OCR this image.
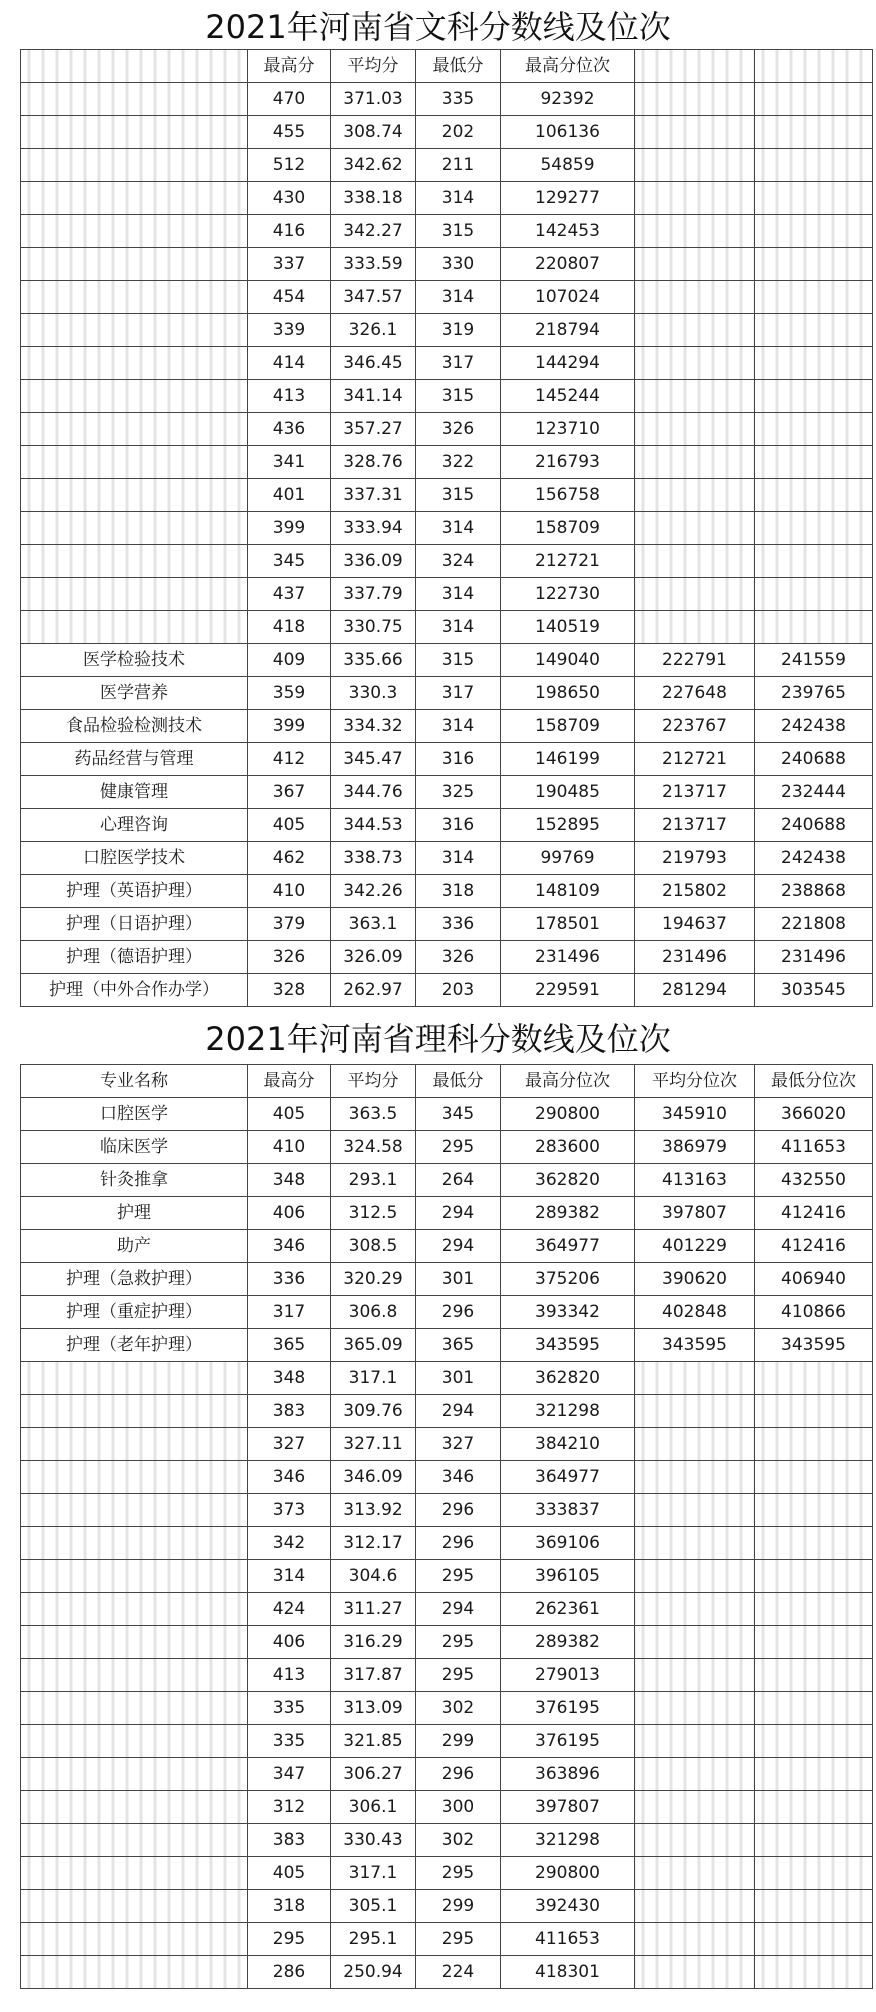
2021年河南省文科分数线及位次
	最高分	平均分	最低分	最高分位次		
	470	371.03	335	92392		
	455	308.74	202	106136		
	512	342.62	211	54859		
	430	338.18	314	129277		
	416	342.27	315	142453		
	337	333.59	330	220807		
	454	347.57	314	107024		
	339	326.1	319	218794		
	414	346.45	317	144294		
	413	341.14	315	145244		
	436	357.27	326	123710		
	341	328.76	322	216793		
	401	337.31	315	156758		
	399	333.94	314	158709		
	345	336.09	324	212721		
	437	337.79	314	122730		
	418	330.75	314	140519		
医学检验技术	409	335.66	315	149040	222791	241559
医学营养	359	330.3	317	198650	227648	239765
食品检验检测技术	399	334.32	314	158709	223767	242438
药品经营与管理	412	345.47	316	146199	212721	240688
健康管理	367	344.76	325	190485	213717	232444
心理咨询	405	344.53	316	152895	213717	240688
口腔医学技术	462	338.73	314	99769	219793	242438
护理（英语护理）	410	342.26	318	148109	215802	238868
护理（日语护理）	379	363.1	336	178501	194637	221808
护理（德语护理）	326	326.09	326	231496	231496	231496
护理（中外合作办学）	328	262.97	203	229591	281294	303545
2021年河南省理科分数线及位次
专业名称	最高分	平均分	最低分	最高分位次	平均分位次	最低分位次
口腔医学	405	363.5	345	290800	345910	366020
临床医学	410	324.58	295	283600	386979	411653
针灸推拿	348	293.1	264	362820	413163	432550
护理	406	312.5	294	289382	397807	412416
助产	346	308.5	294	364977	401229	412416
护理（急救护理）	336	320.29	301	375206	390620	406940
护理（重症护理）	317	306.8	296	393342	402848	410866
护理（老年护理）	365	365.09	365	343595	343595	343595
	348	317.1	301	362820		
	383	309.76	294	321298		
	327	327.11	327	384210		
	346	346.09	346	364977		
	373	313.92	296	333837		
	342	312.17	296	369106		
	314	304.6	295	396105		
	424	311.27	294	262361		
	406	316.29	295	289382		
	413	317.87	295	279013		
	335	313.09	302	376195		
	335	321.85	299	376195		
	347	306.27	296	363896		
	312	306.1	300	397807		
	383	330.43	302	321298		
	405	317.1	295	290800		
	318	305.1	299	392430		
	295	295.1	295	411653		
	286	250.94	224	418301		
